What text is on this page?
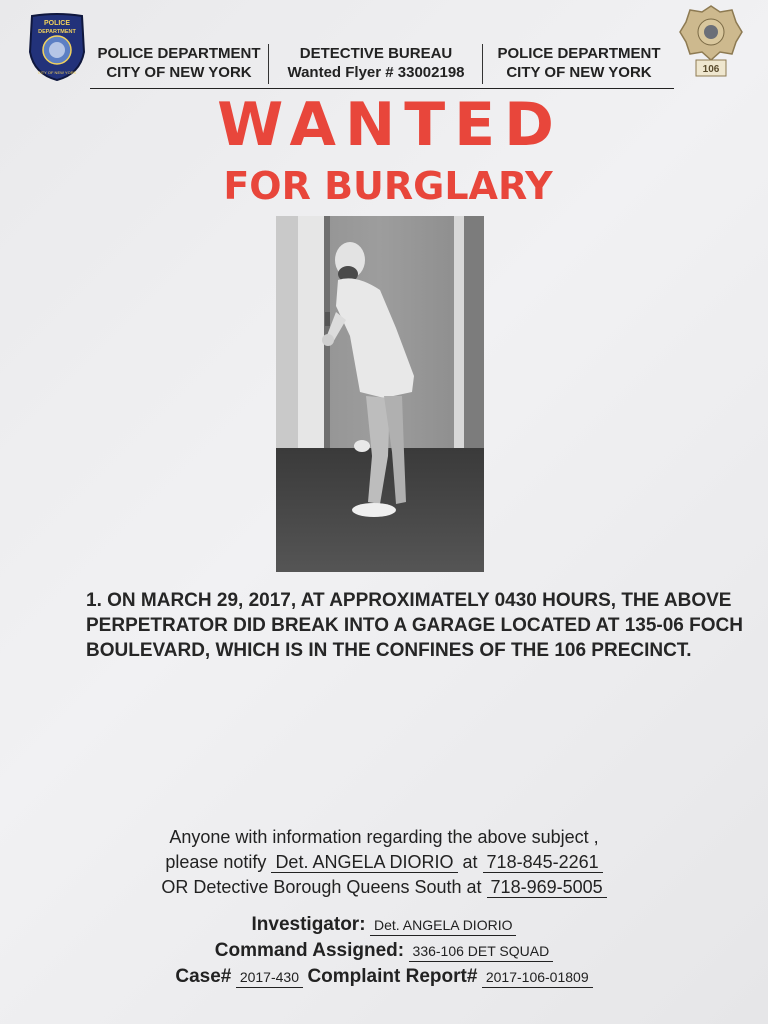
POLICE
DEPARTMENT
CITY OF NEW YORK	106
POLICE DEPARTMENT
CITY OF NEW YORK
DETECTIVE BUREAU
Wanted Flyer # 33002198
POLICE DEPARTMENT
CITY OF NEW YORK
WANTED
FOR BURGLARY
1. ON MARCH 29, 2017, AT APPROXIMATELY 0430 HOURS, THE ABOVE PERPETRATOR DID BREAK INTO A GARAGE LOCATED AT 135-06 FOCH BOULEVARD, WHICH IS IN THE CONFINES OF THE 106 PRECINCT.
Anyone with information regarding the above subject ,
please notify Det. ANGELA DIORIO at 718-845-2261
OR Detective Borough Queens South at 718-969-5005
Investigator: Det. ANGELA DIORIO
Command Assigned: 336-106 DET SQUAD
Case# 2017-430 Complaint Report# 2017-106-01809
